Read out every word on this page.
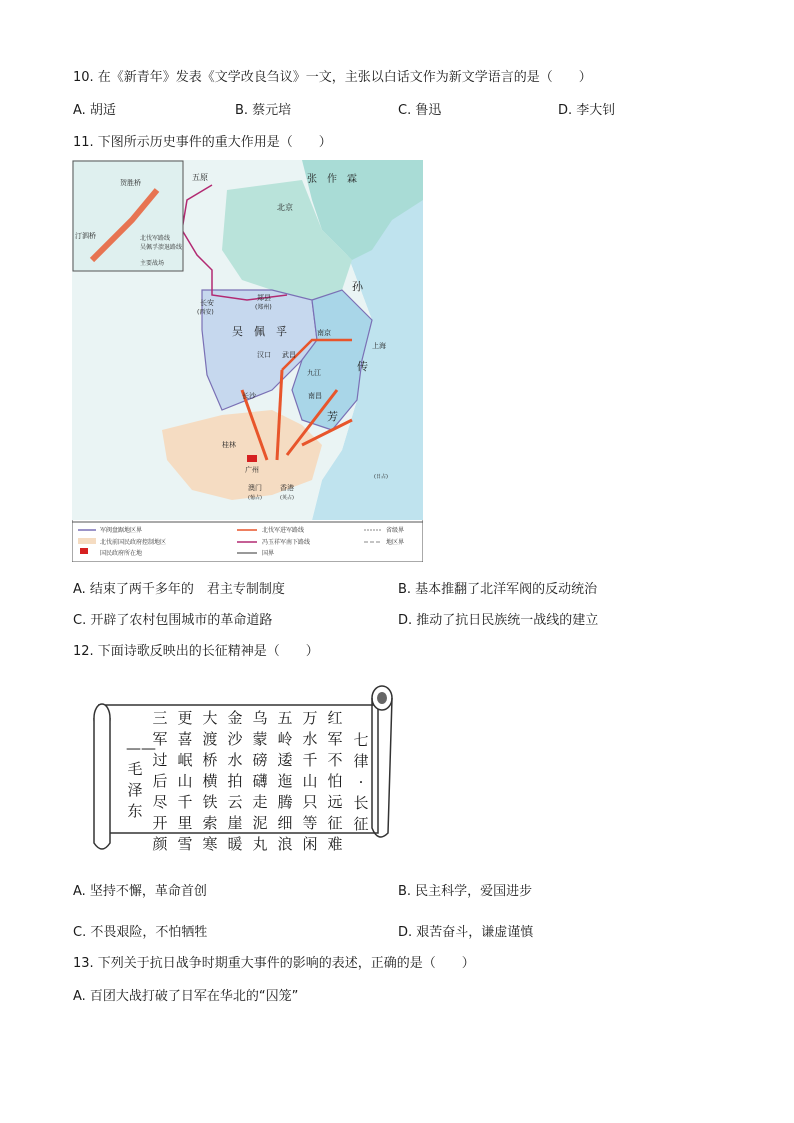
10. 在《新青年》发表《文学改良刍议》一文，主张以白话文作为新文学语言的是（　　）
A. 胡适	B. 蔡元培	C. 鲁迅	D. 李大钊
11. 下图所示历史事件的重大作用是（　　）
张　作　霖
五原
北京
长安
(西安)
郑县
(郑州)
吴　佩　孚
孙
传
芳
南京
上海
汉口 武昌
九江
长沙	南昌
桂林
广州
澳门
(葡占)
香港
(英占)
(日占)
贺胜桥
汀泗桥	北伐军路线
吴佩孚溃退路线
主要战场
军阀盘踞地区界
北伐前国民政府控制地区
国民政府所在地
北伐军进军路线
冯玉祥军南下路线
国界
省级界
地区界
A. 结束了两千多年的　君主专制制度	B. 基本推翻了北洋军阀的反动统治
C. 开辟了农村包围城市的革命道路	D. 推动了抗日民族统一战线的建立
12. 下面诗歌反映出的长征精神是（　　）
七律·长征
红军不怕远征难
万水千山只等闲
五岭逶迤腾细浪
乌蒙磅礴走泥丸
金沙水拍云崖暖
大渡桥横铁索寒
更喜岷山千里雪
三军过后尽开颜
——毛泽东
A. 坚持不懈，革命首创	B. 民主科学，爱国进步
C. 不畏艰险，不怕牺牲	D. 艰苦奋斗，谦虚谨慎
13. 下列关于抗日战争时期重大事件的影响的表述，正确的是（　　）
A. 百团大战打破了日军在华北的“囚笼”
